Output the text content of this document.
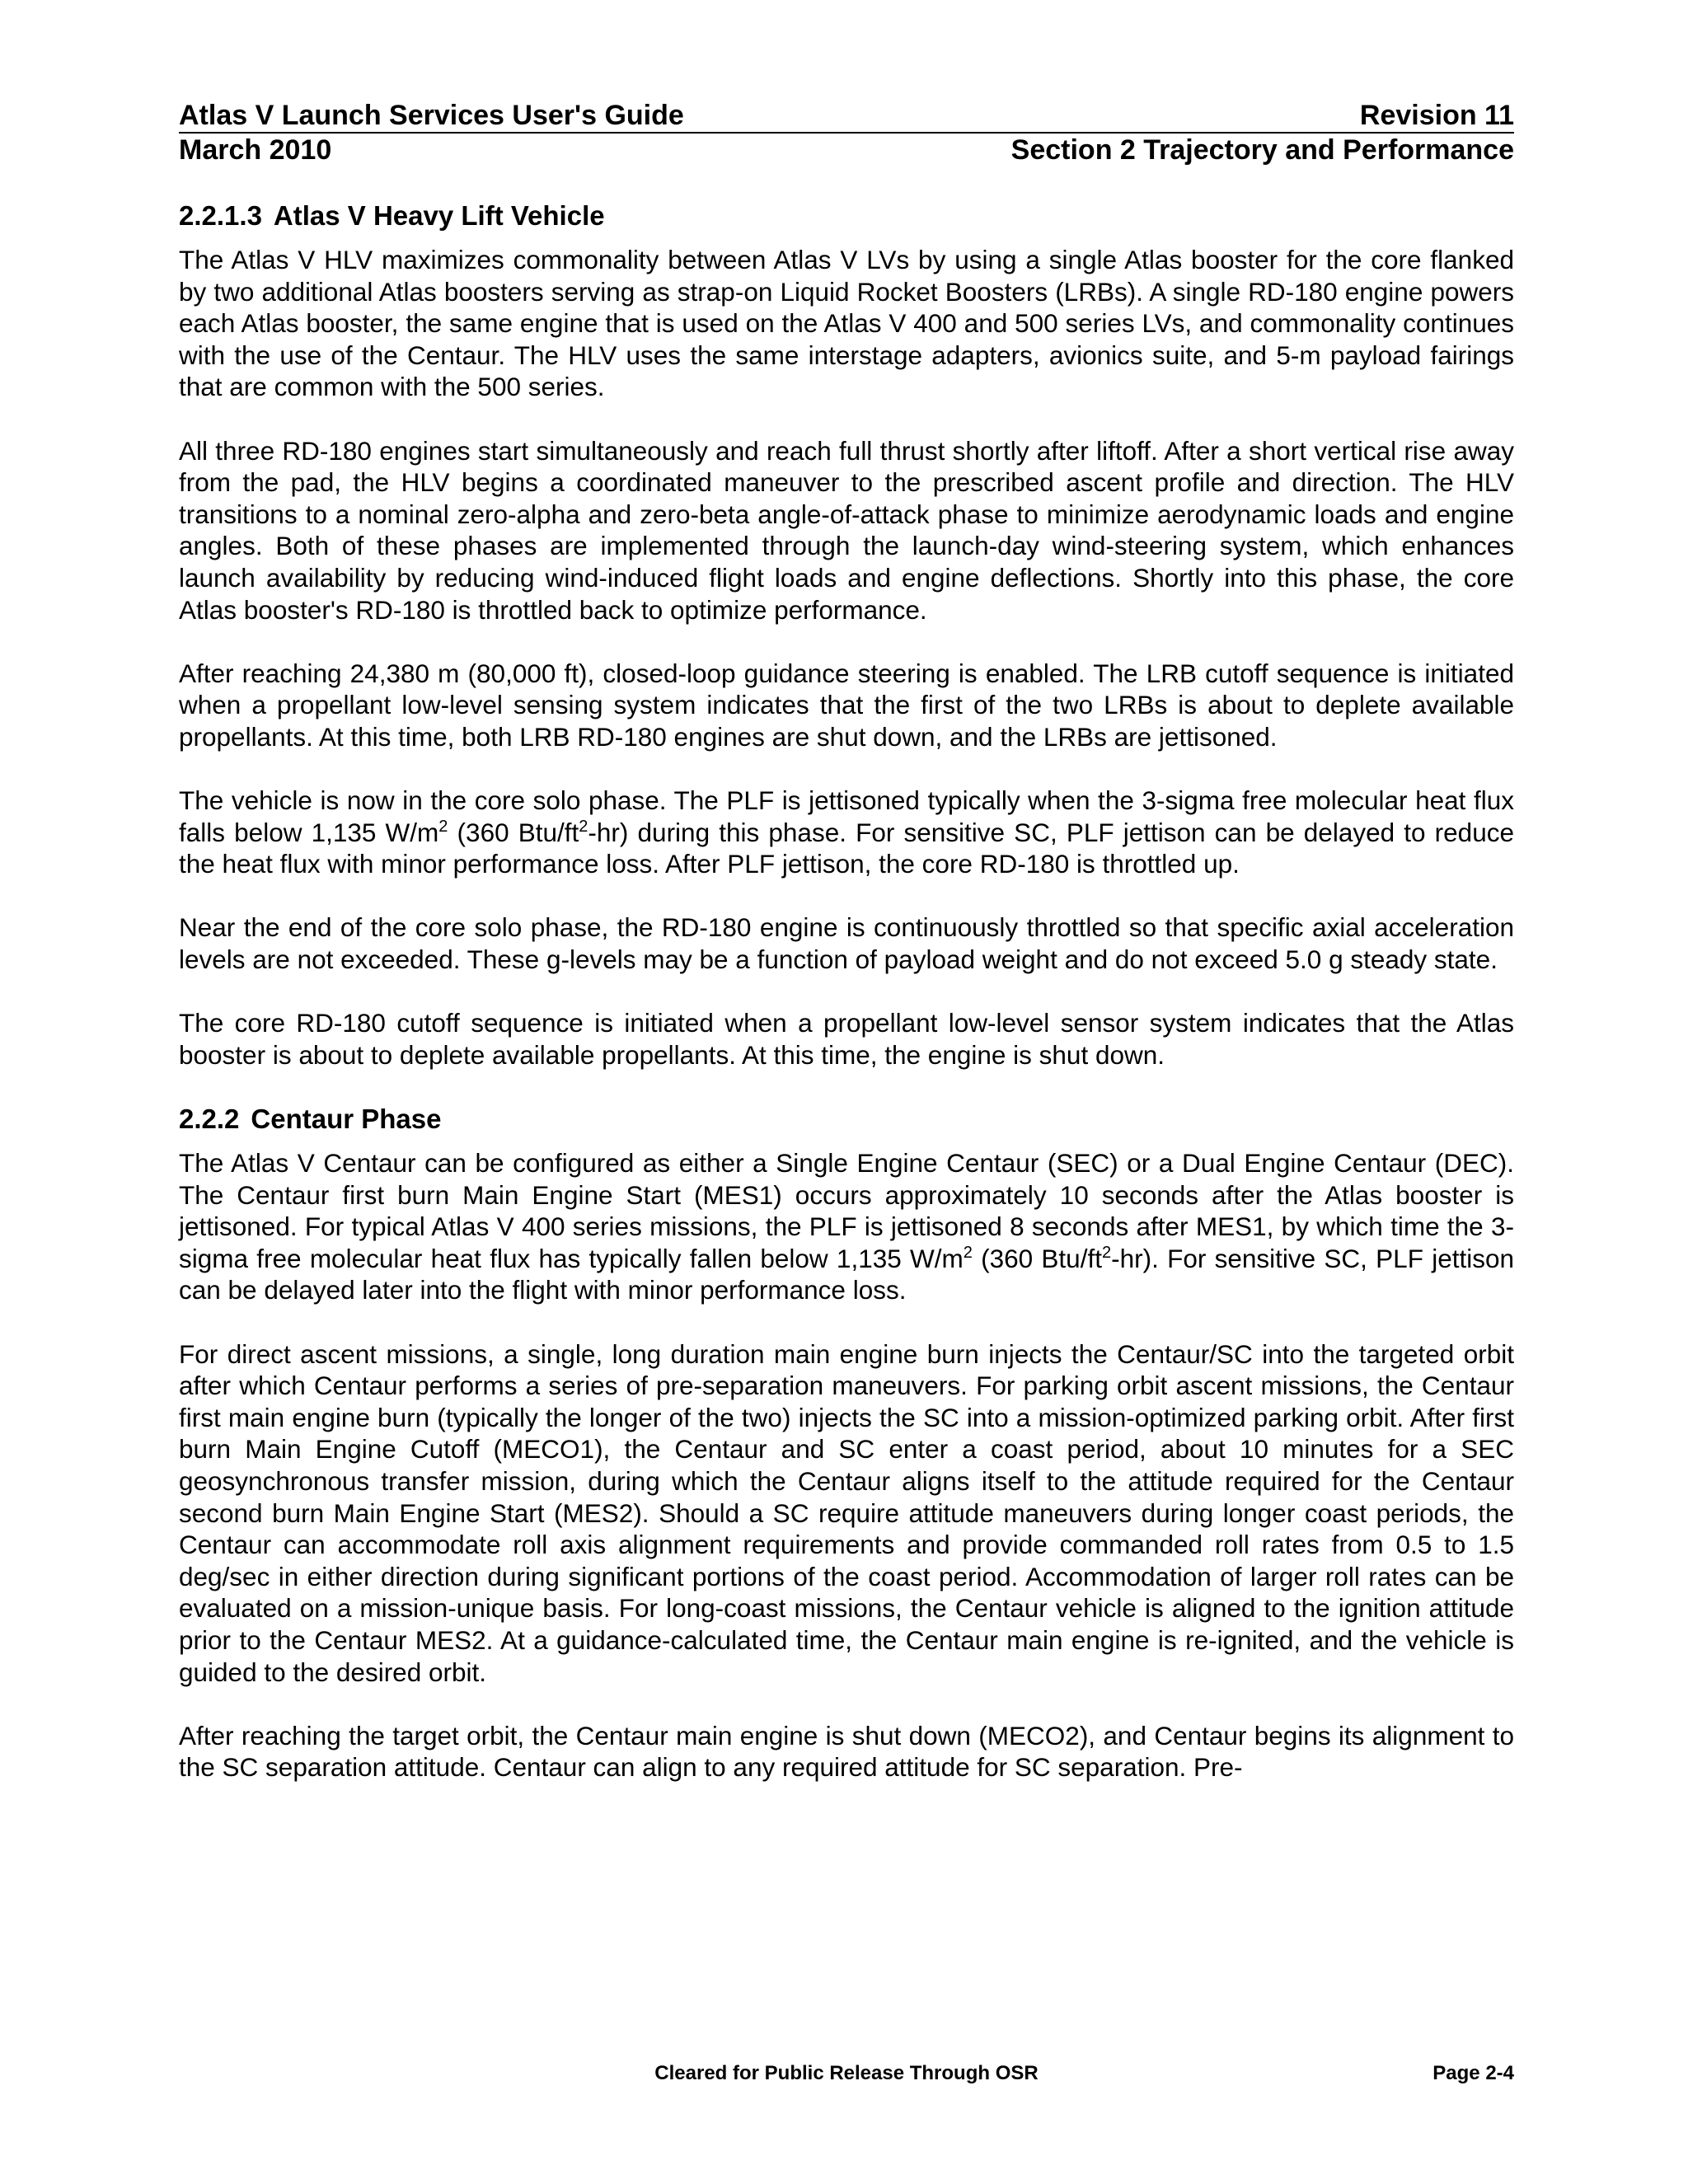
Atlas V Launch Services User's Guide	Revision 11
March 2010	Section 2 Trajectory and Performance
2.2.1.3 Atlas V Heavy Lift Vehicle

The Atlas V HLV maximizes commonality between Atlas V LVs by using a single Atlas booster for the core flanked by two additional Atlas boosters serving as strap-on Liquid Rocket Boosters (LRBs). A single RD-180 engine powers each Atlas booster, the same engine that is used on the Atlas V 400 and 500 series LVs, and commonality continues with the use of the Centaur. The HLV uses the same interstage adapters, avionics suite, and 5-m payload fairings that are common with the 500 series.

All three RD-180 engines start simultaneously and reach full thrust shortly after liftoff. After a short vertical rise away from the pad, the HLV begins a coordinated maneuver to the prescribed ascent profile and direction. The HLV transitions to a nominal zero-alpha and zero-beta angle-of-attack phase to minimize aerodynamic loads and engine angles. Both of these phases are implemented through the launch-day wind-steering system, which enhances launch availability by reducing wind-induced flight loads and engine deflections. Shortly into this phase, the core Atlas booster's RD-180 is throttled back to optimize performance.

After reaching 24,380 m (80,000 ft), closed-loop guidance steering is enabled. The LRB cutoff sequence is initiated when a propellant low-level sensing system indicates that the first of the two LRBs is about to deplete available propellants. At this time, both LRB RD-180 engines are shut down, and the LRBs are jettisoned.

The vehicle is now in the core solo phase. The PLF is jettisoned typically when the 3-sigma free molecular heat flux falls below 1,135 $W/m^2$ (360 Btu/$ft^2-hr$) during this phase. For sensitive SC, PLF jettison can be delayed to reduce the heat flux with minor performance loss. After PLF jettison, the core RD-180 is throttled up.

Near the end of the core solo phase, the RD-180 engine is continuously throttled so that specific axial acceleration levels are not exceeded. These g-levels may be a function of payload weight and do not exceed 5.0 g steady state.

The core RD-180 cutoff sequence is initiated when a propellant low-level sensor system indicates that the Atlas booster is about to deplete available propellants. At this time, the engine is shut down.

2.2.2 Centaur Phase

The Atlas V Centaur can be configured as either a Single Engine Centaur (SEC) or a Dual Engine Centaur (DEC). The Centaur first burn Main Engine Start (MES1) occurs approximately 10 seconds after the Atlas booster is jettisoned. For typical Atlas V 400 series missions, the PLF is jettisoned 8 seconds after MES1, by which time the 3-sigma free molecular heat flux has typically fallen below 1,135 $W/m^2$ (360 Btu/$ft^2-hr$). For sensitive SC, PLF jettison can be delayed later into the flight with minor performance loss.

For direct ascent missions, a single, long duration main engine burn injects the Centaur/SC into the targeted orbit after which Centaur performs a series of pre-separation maneuvers. For parking orbit ascent missions, the Centaur first main engine burn (typically the longer of the two) injects the SC into a mission-optimized parking orbit. After first burn Main Engine Cutoff (MECO1), the Centaur and SC enter a coast period, about 10 minutes for a SEC geosynchronous transfer mission, during which the Centaur aligns itself to the attitude required for the Centaur second burn Main Engine Start (MES2). Should a SC require attitude maneuvers during longer coast periods, the Centaur can accommodate roll axis alignment requirements and provide commanded roll rates from 0.5 to 1.5 deg/sec in either direction during significant portions of the coast period. Accommodation of larger roll rates can be evaluated on a mission-unique basis. For long-coast missions, the Centaur vehicle is aligned to the ignition attitude prior to the Centaur MES2. At a guidance-calculated time, the Centaur main engine is re-ignited, and the vehicle is guided to the desired orbit.

After reaching the target orbit, the Centaur main engine is shut down (MECO2), and Centaur begins its alignment to the SC separation attitude. Centaur can align to any required attitude for SC separation. Pre-

Cleared for Public Release Through OSR	Page 2-4
